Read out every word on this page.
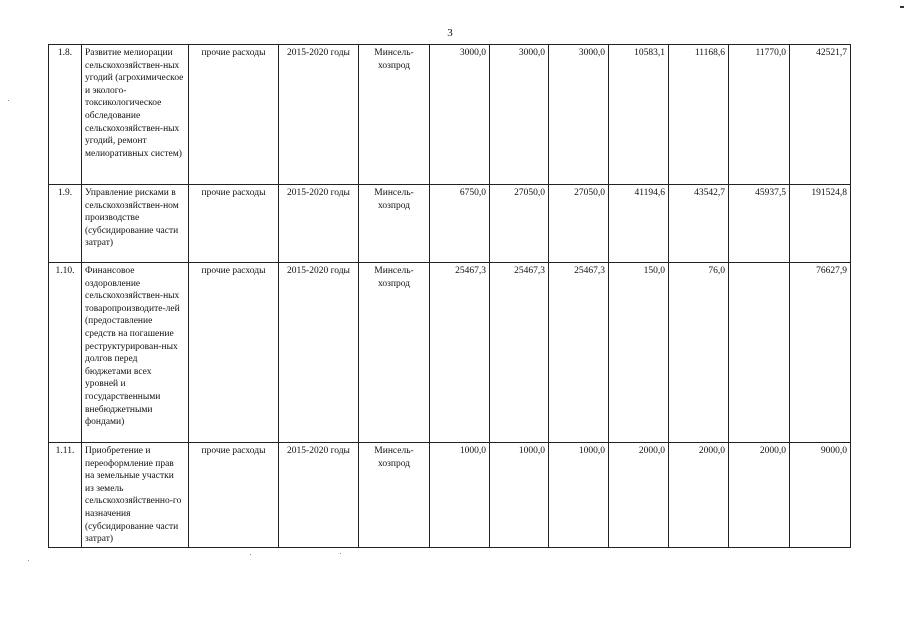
3
1.8.	Развитие мелиорации сельскохозяйствен-ных угодий (агрохимическое и эколого-токсикологическое обследование сельскохозяйствен-ных угодий, ремонт мелиоративных систем)	прочие расходы	2015-2020 годы	Минсель-хозпрод	3000,0	3000,0	3000,0	10583,1	11168,6	11770,0	42521,7
1.9.	Управление рисками в сельскохозяйствен-ном производстве (субсидирование части затрат)	прочие расходы	2015-2020 годы	Минсель-хозпрод	6750,0	27050,0	27050,0	41194,6	43542,7	45937,5	191524,8
1.10.	Финансовое оздоровление сельскохозяйствен-ных товаропроизводите-лей (предоставление средств на погашение реструктурирован-ных долгов перед бюджетами всех уровней и государственными внебюджетными фондами)	прочие расходы	2015-2020 годы	Минсель-хозпрод	25467,3	25467,3	25467,3	150,0	76,0		76627,9
1.11.	Приобретение и переоформление прав на земельные участки из земель сельскохозяйственно-го назначения (субсидирование части затрат)	прочие расходы	2015-2020 годы	Минсель-хозпрод	1000,0	1000,0	1000,0	2000,0	2000,0	2000,0	9000,0
